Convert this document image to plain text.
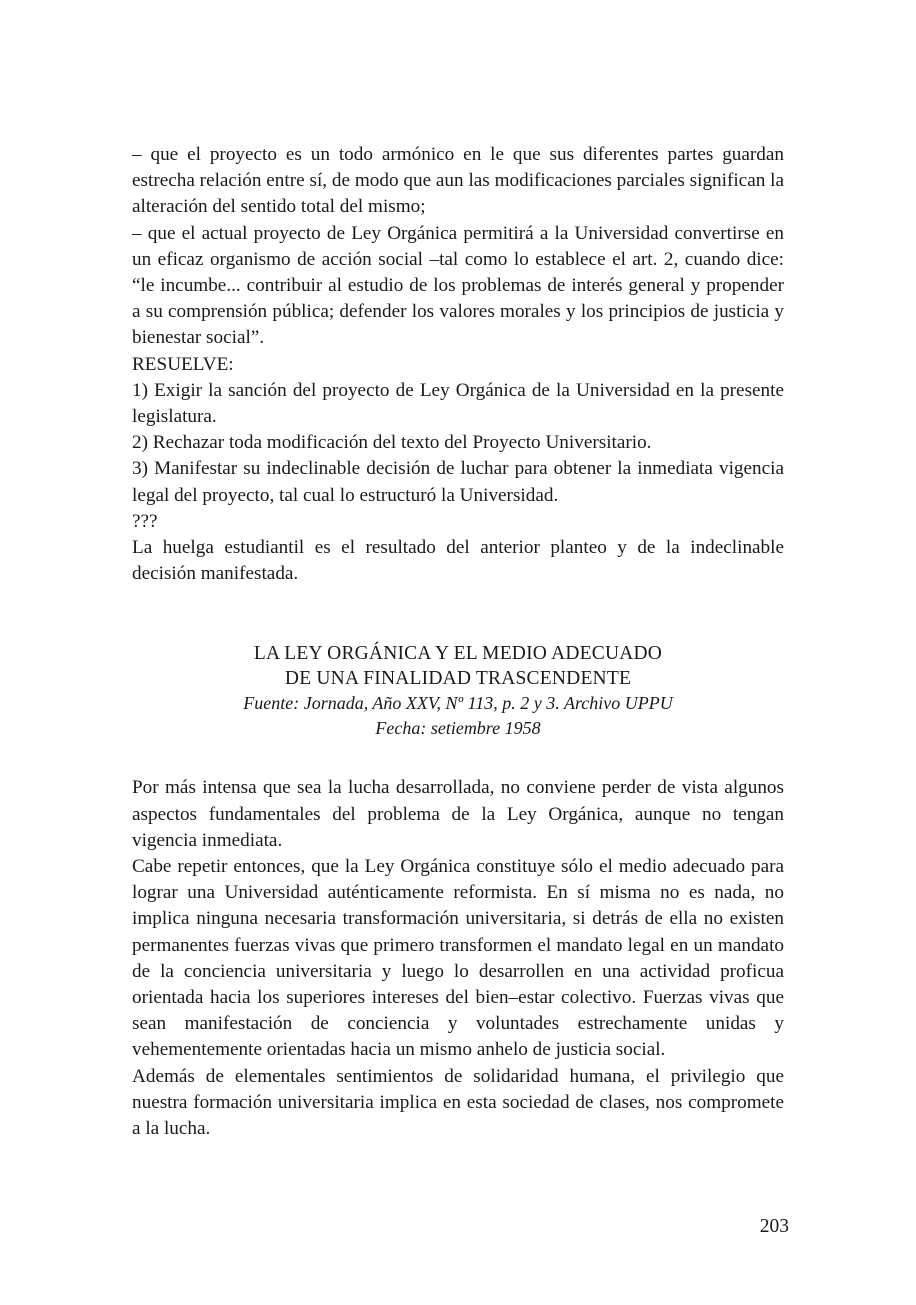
– que el proyecto es un todo armónico en le que sus diferentes partes guardan estrecha relación entre sí, de modo que aun las modificaciones parciales significan la alteración del sentido total del mismo;

– que el actual proyecto de Ley Orgánica permitirá a la Universidad convertirse en un eficaz organismo de acción social –tal como lo establece el art. 2, cuando dice: “le incumbe... contribuir al estudio de los problemas de interés general y propender a su comprensión pública; defender los valores morales y los principios de justicia y bienestar social”.

RESUELVE:

1) Exigir la sanción del proyecto de Ley Orgánica de la Universidad en la presente legislatura.

2) Rechazar toda modificación del texto del Proyecto Universitario.

3) Manifestar su indeclinable decisión de luchar para obtener la inmediata vigencia legal del proyecto, tal cual lo estructuró la Universidad.

???

La huelga estudiantil es el resultado del anterior planteo y de la indeclinable decisión manifestada.

LA LEY ORGÁNICA Y EL MEDIO ADECUADO

DE UNA FINALIDAD TRASCENDENTE

Fuente: Jornada, Año XXV, Nº 113, p. 2 y 3. Archivo UPPU

Fecha: setiembre 1958

Por más intensa que sea la lucha desarrollada, no conviene perder de vista algunos aspectos fundamentales del problema de la Ley Orgánica, aunque no tengan vigencia inmediata.

Cabe repetir entonces, que la Ley Orgánica constituye sólo el medio adecuado para lograr una Universidad auténticamente reformista. En sí misma no es nada, no implica ninguna necesaria transformación universitaria, si detrás de ella no existen permanentes fuerzas vivas que primero transformen el mandato legal en un mandato de la conciencia universitaria y luego lo desarrollen en una actividad proficua orientada hacia los superiores intereses del bien–estar colectivo. Fuerzas vivas que sean manifestación de conciencia y voluntades estrechamente unidas y vehementemente orientadas hacia un mismo anhelo de justicia social.

Además de elementales sentimientos de solidaridad humana, el privilegio que nuestra formación universitaria implica en esta sociedad de clases, nos compromete a la lucha.

203
